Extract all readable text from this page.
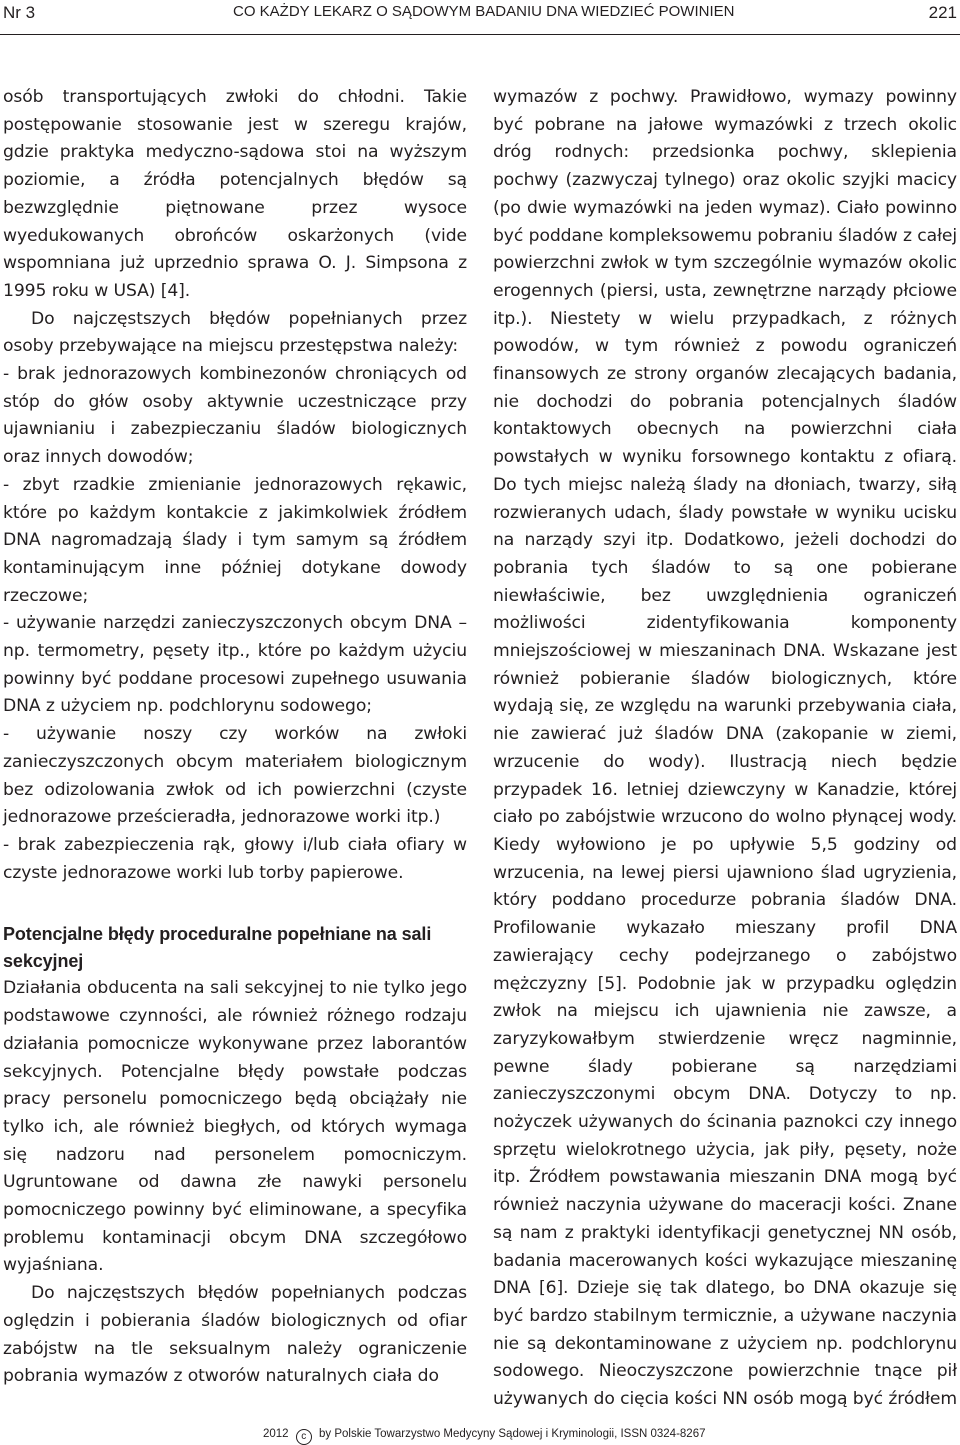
Nr 3	CO KAŻDY LEKARZ O SĄDOWYM BADANIU DNA WIEDZIEĆ POWINIEN	221

osób transportujących zwłoki do chłodni. Takie postępowanie stosowanie jest w szeregu krajów, gdzie praktyka medyczno-sądowa stoi na wyższym poziomie, a źródła potencjalnych błędów są bezwzględnie piętnowane przez wysoce wyedukowanych obrońców oskarżonych (vide wspomniana już uprzednio sprawa O. J. Simpsona z 1995 roku w USA) [4].

Do najczęstszych błędów popełnianych przez osoby przebywające na miejscu przestępstwa należy:

- brak jednorazowych kombinezonów chroniących od stóp do głów osoby aktywnie uczestniczące przy ujawnianiu i zabezpieczaniu śladów biologicznych oraz innych dowodów;

- zbyt rzadkie zmienianie jednorazowych rękawic, które po każdym kontakcie z jakimkolwiek źródłem DNA nagromadzają ślady i tym samym są źródłem kontaminującym inne później dotykane dowody rzeczowe;

- używanie narzędzi zanieczyszczonych obcym DNA – np. termometry, pęsety itp., które po każdym użyciu powinny być poddane procesowi zupełnego usuwania DNA z użyciem np. podchlorynu sodowego;

- używanie noszy czy worków na zwłoki zanieczyszczonych obcym materiałem biologicznym bez odizolowania zwłok od ich powierzchni (czyste jednorazowe prześcieradła, jednorazowe worki itp.)

- brak zabezpieczenia rąk, głowy i/lub ciała ofiary w czyste jednorazowe worki lub torby papierowe.

Potencjalne błędy proceduralne popełniane na sali sekcyjnej

Działania obducenta na sali sekcyjnej to nie tylko jego podstawowe czynności, ale również różnego rodzaju działania pomocnicze wykonywane przez laborantów sekcyjnych. Potencjalne błędy powstałe podczas pracy personelu pomocniczego będą obciążały nie tylko ich, ale również biegłych, od których wymaga się nadzoru nad personelem pomocniczym. Ugruntowane od dawna złe nawyki personelu pomocniczego powinny być eliminowane, a specyfika problemu kontaminacji obcym DNA szczegółowo wyjaśniana.

Do najczęstszych błędów popełnianych podczas oględzin i pobierania śladów biologicznych od ofiar zabójstw na tle seksualnym należy ograniczenie pobrania wymazów z otworów naturalnych ciała do

wymazów z pochwy. Prawidłowo, wymazy powinny być pobrane na jałowe wymazówki z trzech okolic dróg rodnych: przedsionka pochwy, sklepienia pochwy (zazwyczaj tylnego) oraz okolic szyjki macicy (po dwie wymazówki na jeden wymaz). Ciało powinno być poddane kompleksowemu pobraniu śladów z całej powierzchni zwłok w tym szczególnie wymazów okolic erogennych (piersi, usta, zewnętrzne narządy płciowe itp.). Niestety w wielu przypadkach, z różnych powodów, w tym również z powodu ograniczeń finansowych ze strony organów zlecających badania, nie dochodzi do pobrania potencjalnych śladów kontaktowych obecnych na powierzchni ciała powstałych w wyniku forsownego kontaktu z ofiarą. Do tych miejsc należą ślady na dłoniach, twarzy, siłą rozwieranych udach, ślady powstałe w wyniku ucisku na narządy szyi itp. Dodatkowo, jeżeli dochodzi do pobrania tych śladów to są one pobierane niewłaściwie, bez uwzględnienia ograniczeń możliwości zidentyfikowania komponenty mniejszościowej w mieszaninach DNA. Wskazane jest również pobieranie śladów biologicznych, które wydają się, ze względu na warunki przebywania ciała, nie zawierać już śladów DNA (zakopanie w ziemi, wrzucenie do wody). Ilustracją niech będzie przypadek 16. letniej dziewczyny w Kanadzie, której ciało po zabójstwie wrzucono do wolno płynącej wody. Kiedy wyłowiono je po upływie 5,5 godziny od wrzucenia, na lewej piersi ujawniono ślad ugryzienia, który poddano procedurze pobrania śladów DNA. Profilowanie wykazało mieszany profil DNA zawierający cechy podejrzanego o zabójstwo mężczyzny [5]. Podobnie jak w przypadku oględzin zwłok na miejscu ich ujawnienia nie zawsze, a zaryzykowałbym stwierdzenie wręcz nagminnie, pewne ślady pobierane są narzędziami zanieczyszczonymi obcym DNA. Dotyczy to np. nożyczek używanych do ścinania paznokci czy innego sprzętu wielokrotnego użycia, jak piły, pęsety, noże itp. Źródłem powstawania mieszanin DNA mogą być również naczynia używane do maceracji kości. Znane są nam z praktyki identyfikacji genetycznej NN osób, badania macerowanych kości wykazujące mieszaninę DNA [6]. Dzieje się tak dlatego, bo DNA okazuje się być bardzo stabilnym termicznie, a używane naczynia nie są dekontaminowane z użyciem np. podchlorynu sodowego. Nieoczyszczone powierzchnie tnące pił używanych do cięcia kości NN osób mogą być źródłem

2012 c by Polskie Towarzystwo Medycyny Sądowej i Kryminologii, ISSN 0324-8267
